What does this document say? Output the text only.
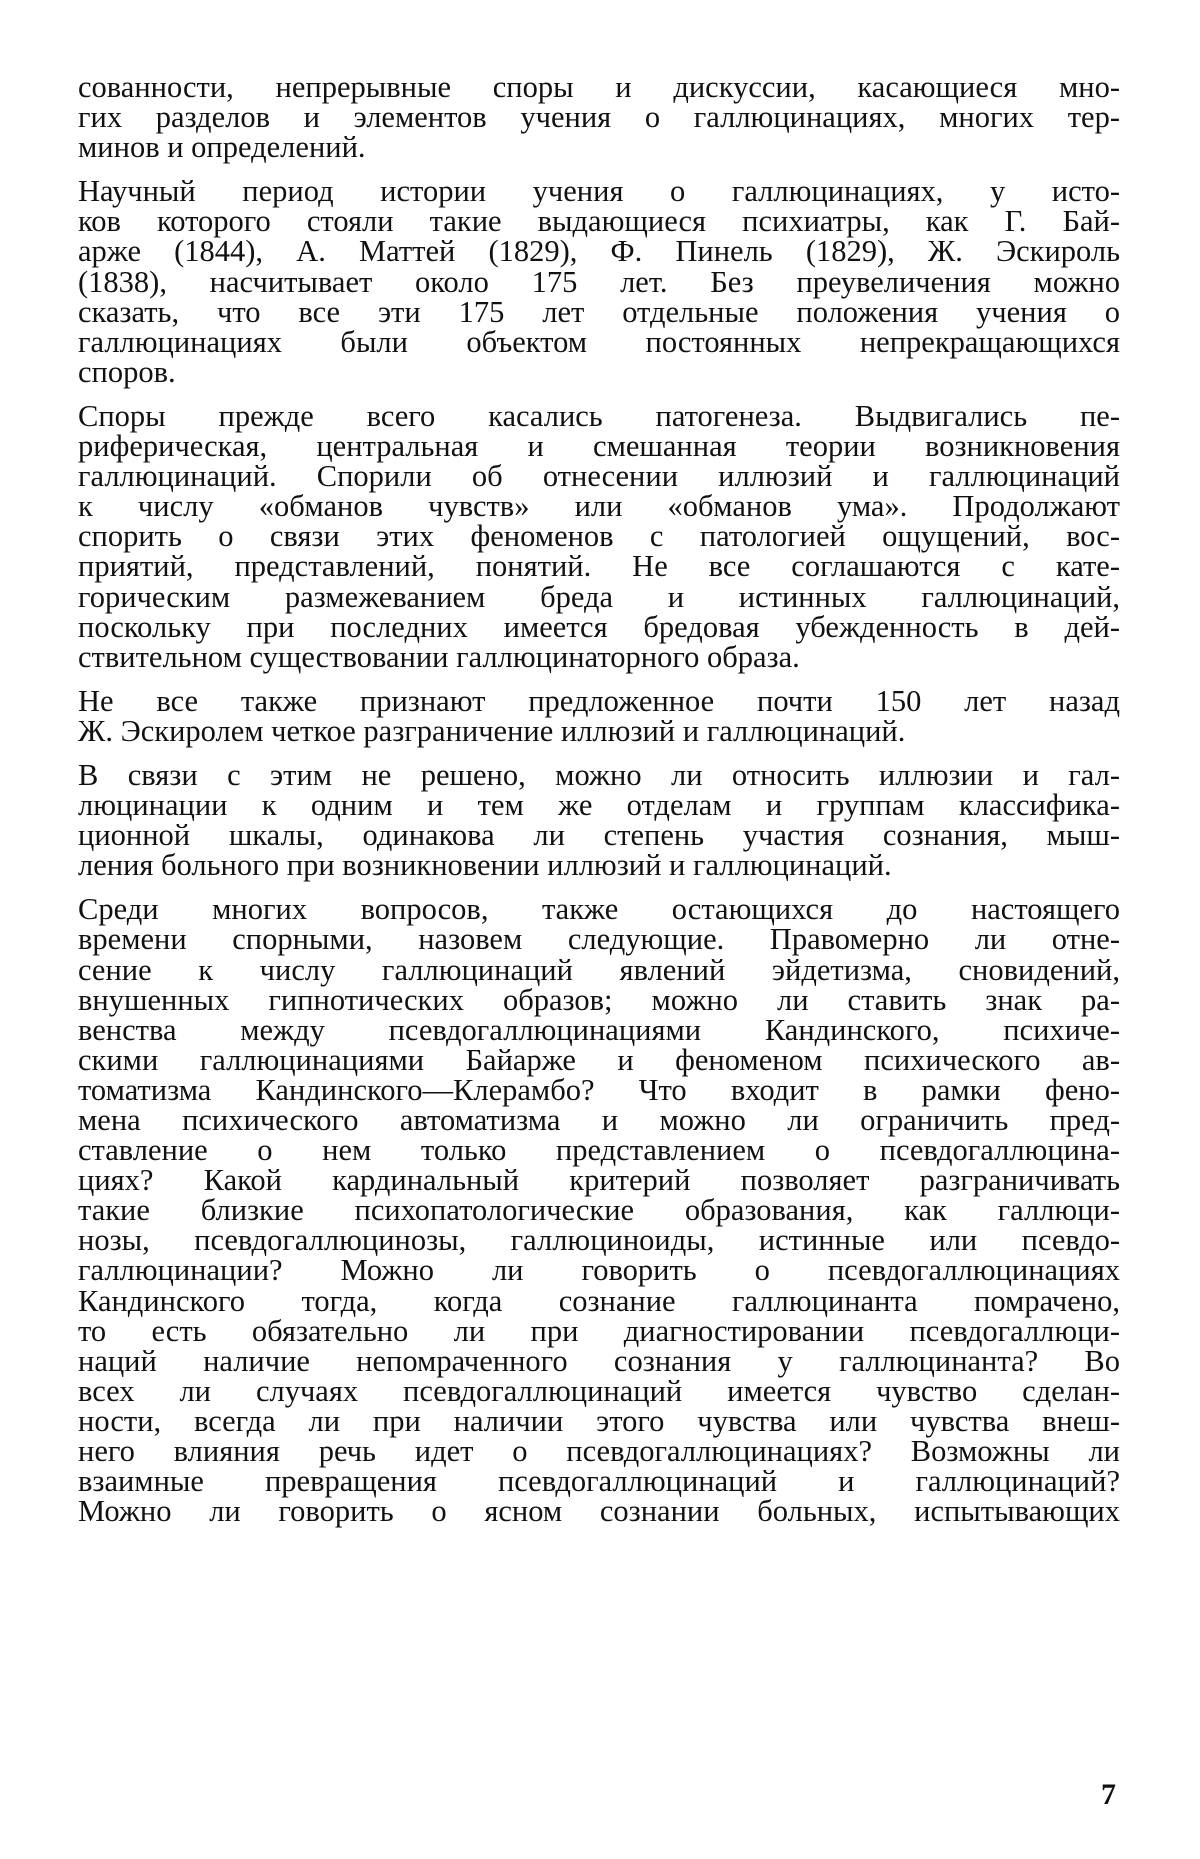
сованности, непрерывные споры и дискуссии, касающиеся мно-
гих разделов и элементов учения о галлюцинациях, многих тер-
минов и определений.
Научный период истории учения о галлюцинациях, у исто-
ков которого стояли такие выдающиеся психиатры, как Г. Бай-
арже (1844), А. Маттей (1829), Ф. Пинель (1829), Ж. Эскироль
(1838), насчитывает около 175 лет. Без преувеличения можно
сказать, что все эти 175 лет отдельные положения учения о
галлюцинациях были объектом постоянных непрекращающихся
споров.
Споры прежде всего касались патогенеза. Выдвигались пе-
риферическая, центральная и смешанная теории возникновения
галлюцинаций. Спорили об отнесении иллюзий и галлюцинаций
к числу «обманов чувств» или «обманов ума». Продолжают
спорить о связи этих феноменов с патологией ощущений, вос-
приятий, представлений, понятий. Не все соглашаются с кате-
горическим размежеванием бреда и истинных галлюцинаций,
поскольку при последних имеется бредовая убежденность в дей-
ствительном существовании галлюцинаторного образа.
Не все также признают предложенное почти 150 лет назад
Ж. Эскиролем четкое разграничение иллюзий и галлюцинаций.
В связи с этим не решено, можно ли относить иллюзии и гал-
люцинации к одним и тем же отделам и группам классифика-
ционной шкалы, одинакова ли степень участия сознания, мыш-
ления больного при возникновении иллюзий и галлюцинаций.
Среди многих вопросов, также остающихся до настоящего
времени спорными, назовем следующие. Правомерно ли отне-
сение к числу галлюцинаций явлений эйдетизма, сновидений,
внушенных гипнотических образов; можно ли ставить знак ра-
венства между псевдогаллюцинациями Кандинского, психиче-
скими галлюцинациями Байарже и феноменом психического ав-
томатизма Кандинского—Клерамбо? Что входит в рамки фено-
мена психического автоматизма и можно ли ограничить пред-
ставление о нем только представлением о псевдогаллюцина-
циях? Какой кардинальный критерий позволяет разграничивать
такие близкие психопатологические образования, как галлюци-
нозы, псевдогаллюцинозы, галлюциноиды, истинные или псевдо-
галлюцинации? Можно ли говорить о псевдогаллюцинациях
Кандинского тогда, когда сознание галлюцинанта помрачено,
то есть обязательно ли при диагностировании псевдогаллюци-
наций наличие непомраченного сознания у галлюцинанта? Во
всех ли случаях псевдогаллюцинаций имеется чувство сделан-
ности, всегда ли при наличии этого чувства или чувства внеш-
него влияния речь идет о псевдогаллюцинациях? Возможны ли
взаимные превращения псевдогаллюцинаций и галлюцинаций?
Можно ли говорить о ясном сознании больных, испытывающих
7
